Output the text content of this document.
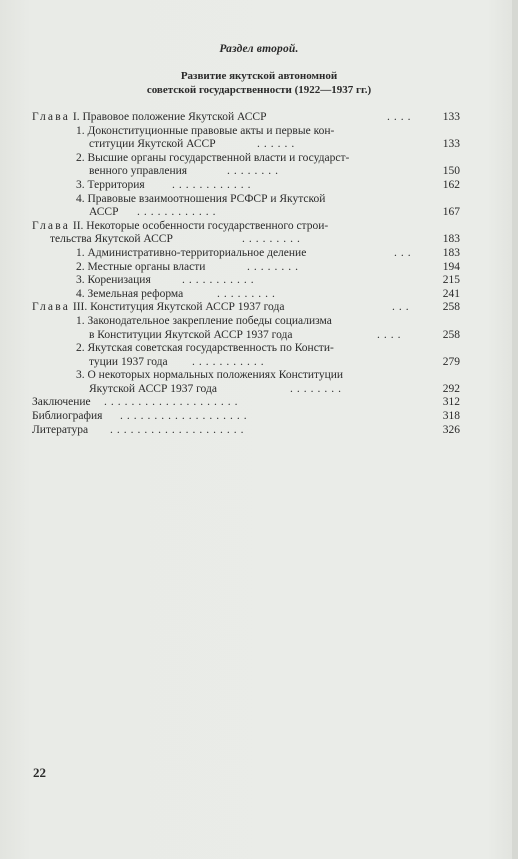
Раздел второй.
Развитие якутской автономной
советской государственности (1922—1937 гг.)
Глава I. Правовое положение Якутской АССР	....	133
1. Доконституционные правовые акты и первые кон-
ституции Якутской АССР	......	133
2. Высшие органы государственной власти и государст-
венного управления	........	150
3. Территория ............	162
4. Правовые взаимоотношения РСФСР и Якутской
АССР ............	167
Глава II. Некоторые особенности государственного строи-
тельства Якутской АССР	.........	183
1. Административно-территориальное деление	...	183
2. Местные органы власти	........	194
3. Коренизация	...........	215
4. Земельная реформа	.........	241
Глава III. Конституция Якутской АССР 1937 года	...	258
1. Законодательное закрепление победы социализма
в Конституции Якутской АССР 1937 года	....	258
2. Якутская советская государственность по Консти-
туции 1937 года ...........	279
3. О некоторых нормальных положениях Конституции
Якутской АССР 1937 года	........	292
Заключение ....................	312
Библиография ...................	318
Литература ....................	326
22
